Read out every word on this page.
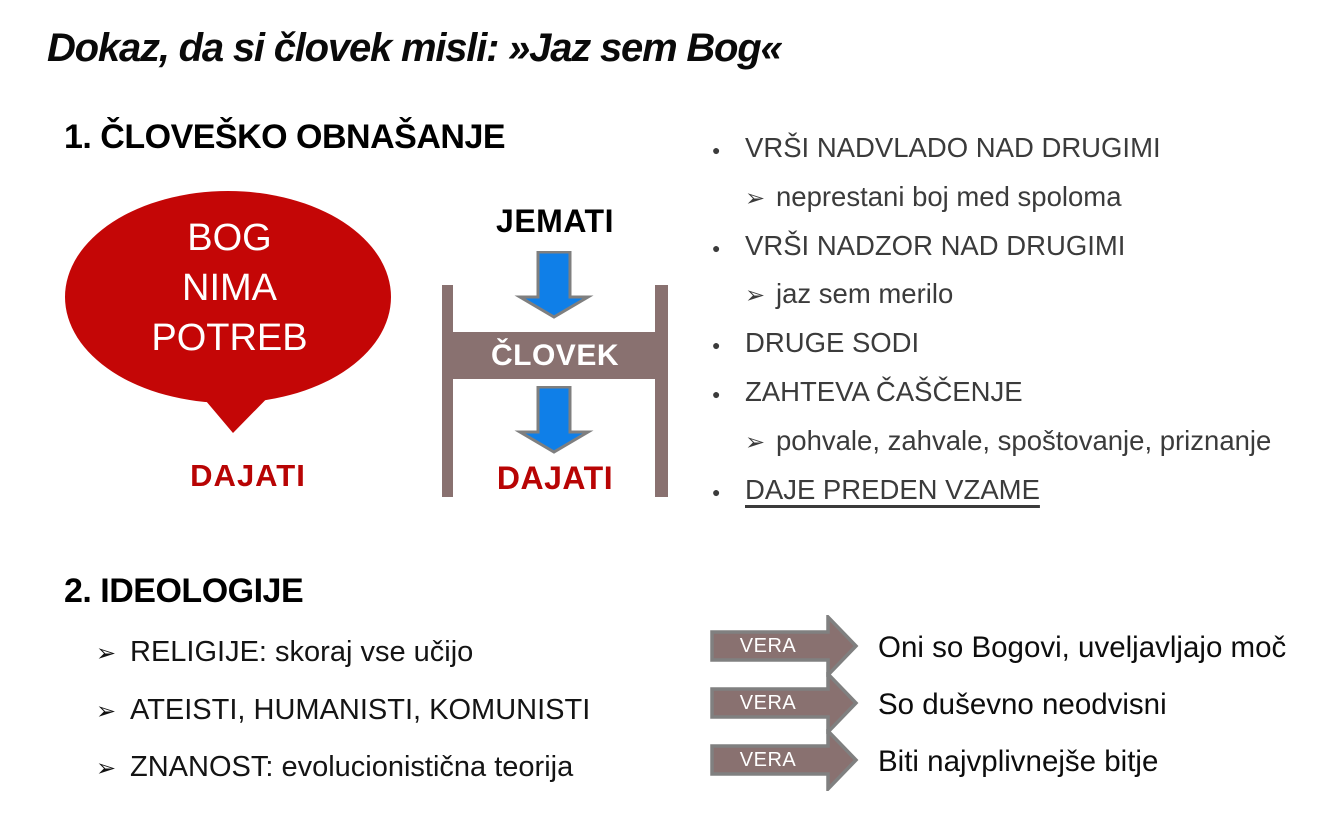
Dokaz, da si človek misli: »Jaz sem Bog«
1. ČLOVEŠKO OBNAŠANJE
BOG
NIMA
POTREB
DAJATI
JEMATI
ČLOVEK
DAJATI
● VRŠI NADVLADO NAD DRUGIMI
➢ neprestani boj med spoloma
● VRŠI NADZOR NAD DRUGIMI
➢ jaz sem merilo
● DRUGE SODI
● ZAHTEVA ČAŠČENJE
➢ pohvale, zahvale, spoštovanje, priznanje
● DAJE PREDEN VZAME
2. IDEOLOGIJE
➢ RELIGIJE: skoraj vse učijo
➢ ATEISTI, HUMANISTI, KOMUNISTI
➢ ZNANOST: evolucionistična teorija
VERA
VERA
VERA
Oni so Bogovi, uveljavljajo moč
So duševno neodvisni
Biti najvplivnejše bitje
